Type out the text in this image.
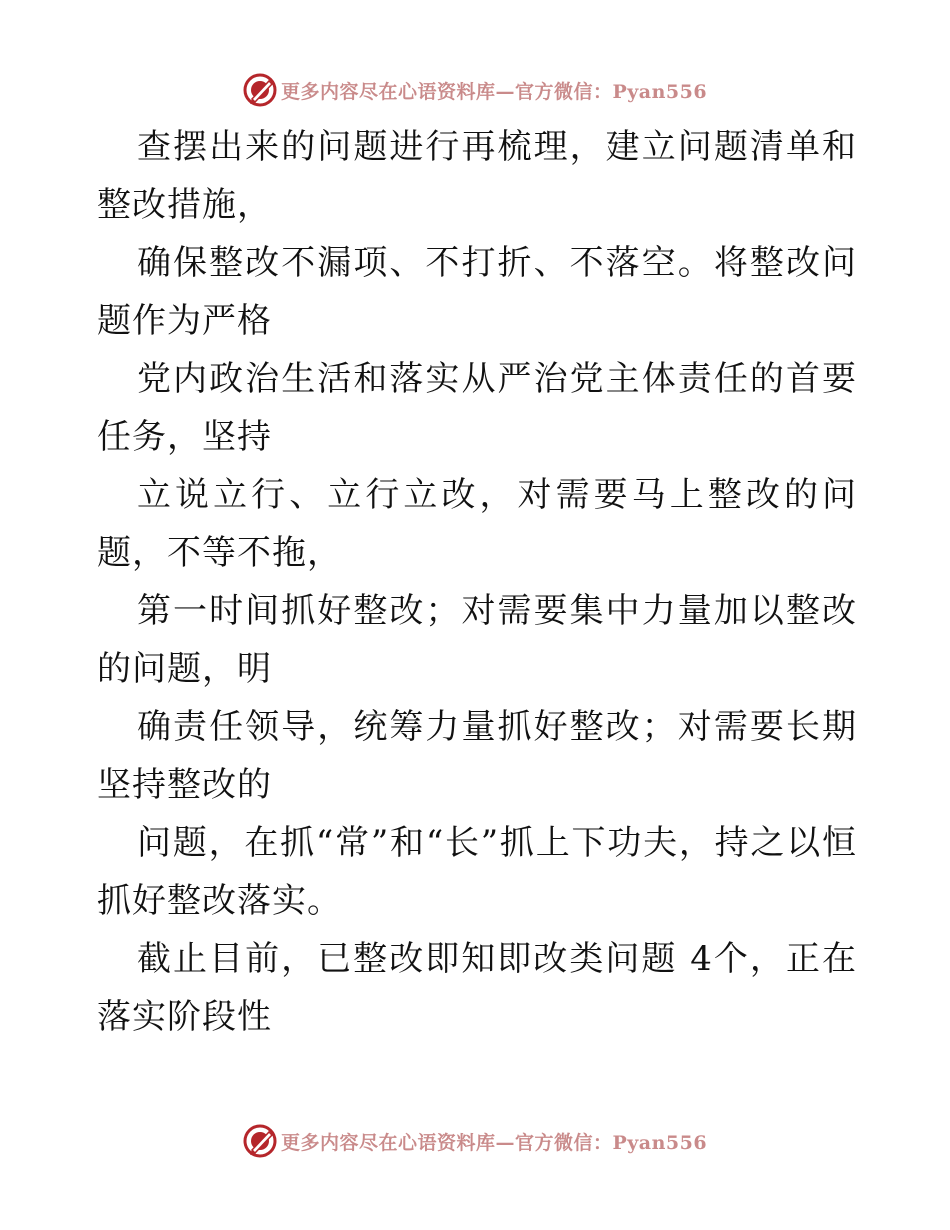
更多内容尽在心语资料库—官方微信：Pyan556

查摆出来的问题进行再梳理，建立问题清单和整改措施，

确保整改不漏项、不打折、不落空。将整改问题作为严格

党内政治生活和落实从严治党主体责任的首要任务，坚持

立说立行、立行立改，对需要马上整改的问题，不等不拖，

第一时间抓好整改；对需要集中力量加以整改的问题，明

确责任领导，统筹力量抓好整改；对需要长期坚持整改的

问题，在抓“常”和“长”抓上下功夫，持之以恒抓好整改落实。

截止目前，已整改即知即改类问题 4个，正在落实阶段性

更多内容尽在心语资料库—官方微信：Pyan556
